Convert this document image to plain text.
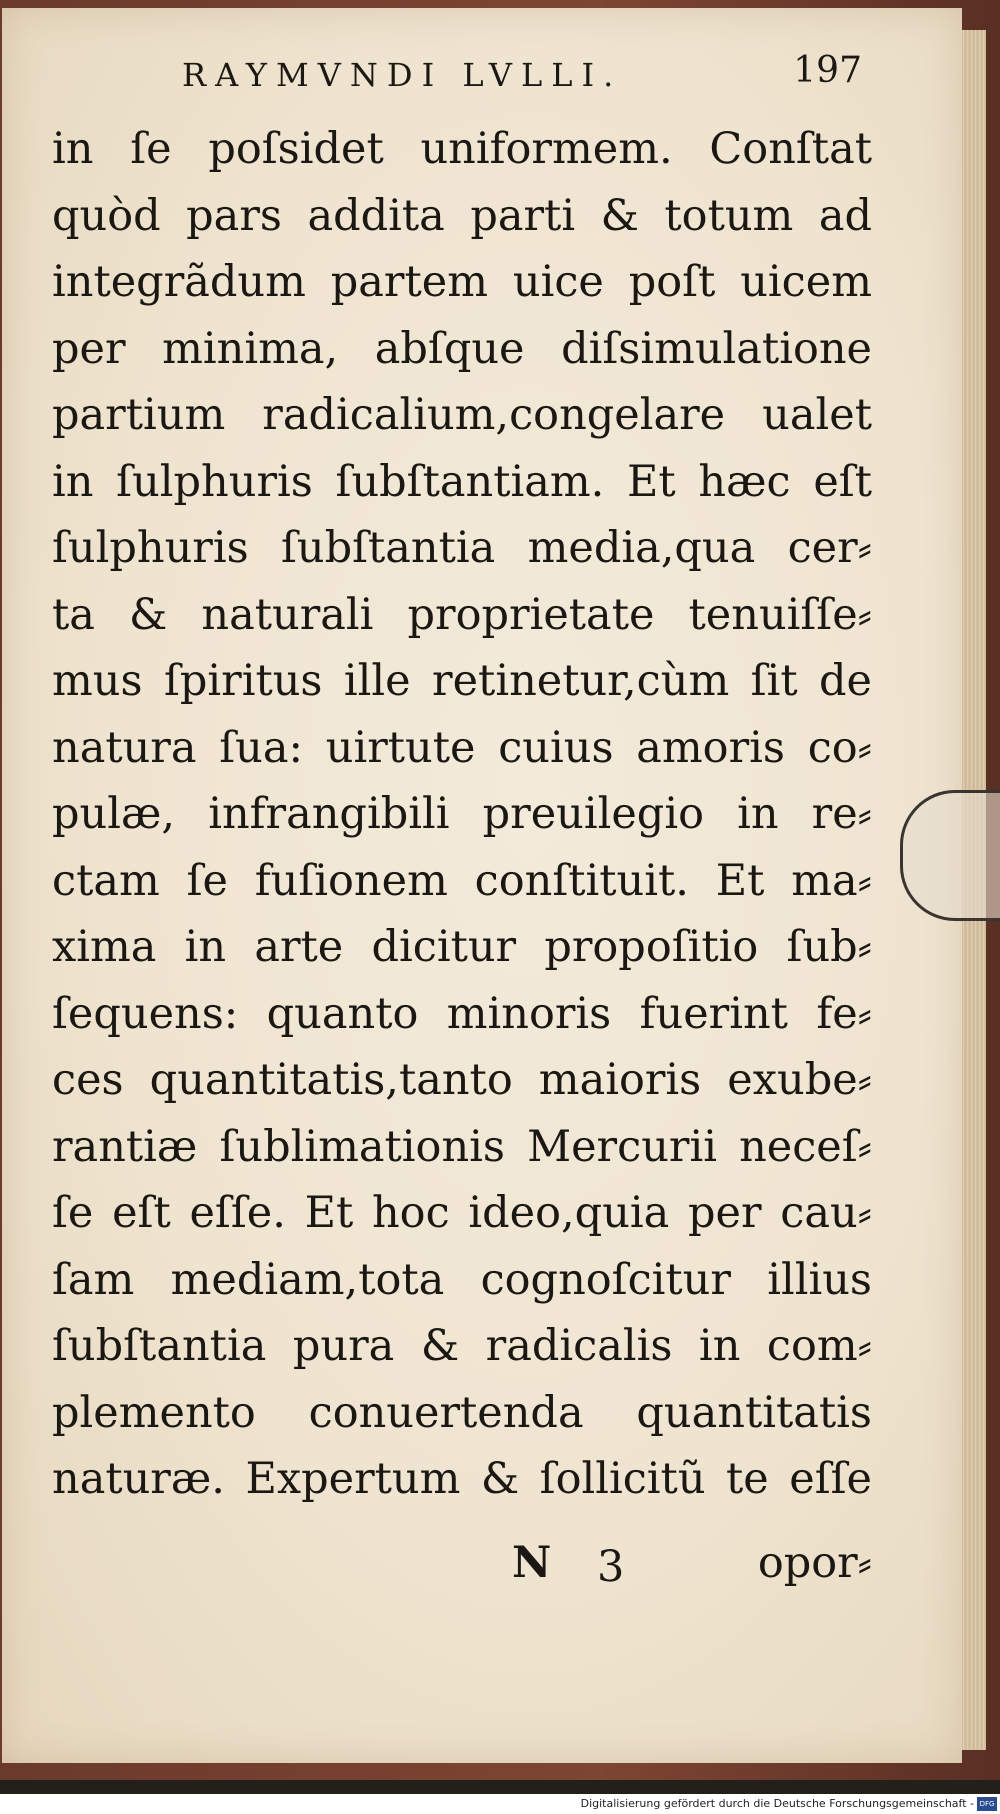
RAYMVNDI LVLLI.	197
in ſe poſsidet uniformem. Conſtat
quòd pars addita parti & totum ad
integrãdum partem uice poſt uicem
per minima, abſque diſsimulatione
partium radicalium,congelare ualet
in ſulphuris ſubſtantiam. Et hæc eſt
ſulphuris ſubſtantia media,qua cer⸗
ta & naturali proprietate tenuiſſe⸗
mus ſpiritus ille retinetur,cùm ſit de
natura ſua: uirtute cuius amoris co⸗
pulæ, infrangibili preuilegio in re⸗
ctam ſe fuſionem conſtituit. Et ma⸗
xima in arte dicitur propoſitio ſub⸗
ſequens: quanto minoris fuerint fe⸗
ces quantitatis,tanto maioris exube⸗
rantiæ ſublimationis Mercurii neceſ⸗
ſe eſt eſſe. Et hoc ideo,quia per cau⸗
ſam mediam,tota cognoſcitur illius
ſubſtantia pura & radicalis in com⸗
plemento conuertenda quantitatis
naturæ. Expertum & ſollicitũ te eſſe
N 3	opor⸗
Digitalisierung gefördert durch die Deutsche Forschungsgemeinschaft - DFG
